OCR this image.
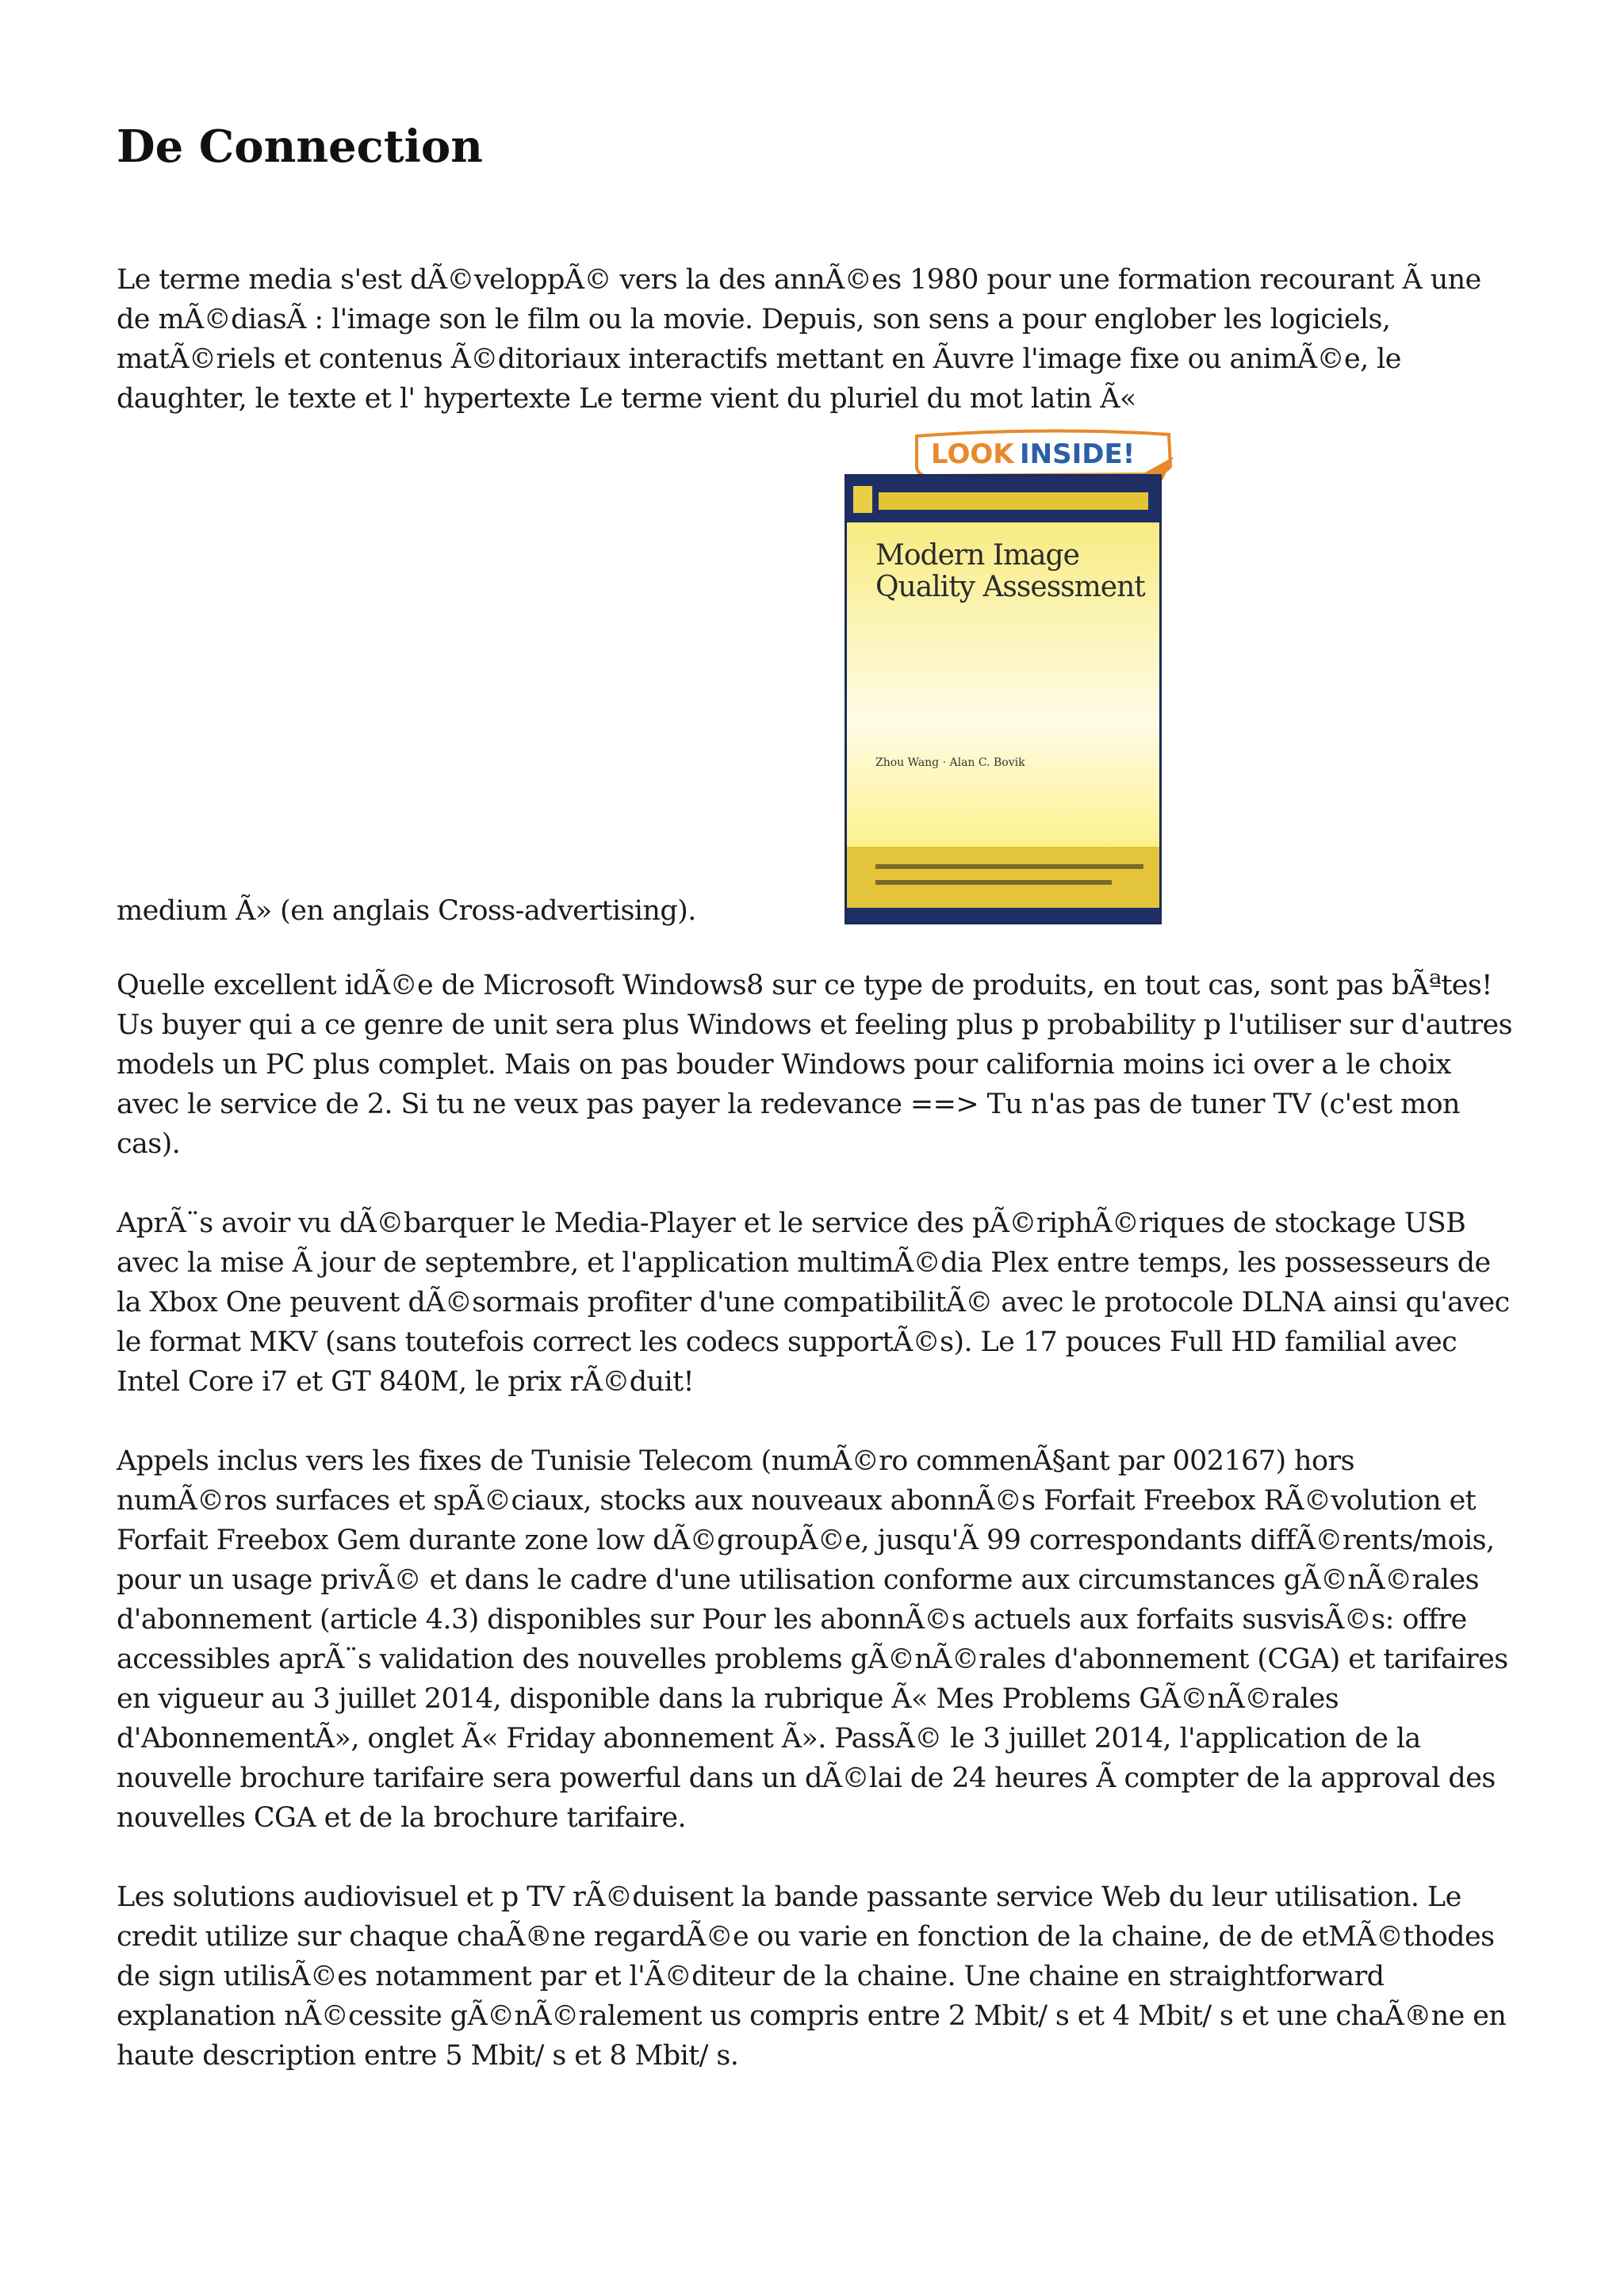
De Connection

Le terme media s'est dÃ©veloppÃ© vers la des annÃ©es 1980 pour une formation recourant Ã une de mÃ©diasÃ : l'image son le film ou la movie. Depuis, son sens a pour englober les logiciels, matÃ©riels et contenus Ã©ditoriaux interactifs mettant en Ãuvre l'image fixe ou animÃ©e, le daughter, le texte et l' hypertexte Le terme vient du pluriel du mot latin Ã«

medium Ã» (en anglais Cross-advertising).

LOOK INSIDE!
Modern Image Quality Assessment
Zhou Wang · Alan C. Bovik

Quelle excellent idÃ©e de Microsoft Windows8 sur ce type de produits, en tout cas, sont pas bÃªtes! Us buyer qui a ce genre de unit sera plus Windows et feeling plus p probability p l'utiliser sur d'autres models un PC plus complet. Mais on pas bouder Windows pour california moins ici over a le choix avec le service de 2. Si tu ne veux pas payer la redevance ==> Tu n'as pas de tuner TV (c'est mon cas).

AprÃ¨s avoir vu dÃ©barquer le Media-Player et le service des pÃ©riphÃ©riques de stockage USB avec la mise Ã jour de septembre, et l'application multimÃ©dia Plex entre temps, les possesseurs de la Xbox One peuvent dÃ©sormais profiter d'une compatibilitÃ© avec le protocole DLNA ainsi qu'avec le format MKV (sans toutefois correct les codecs supportÃ©s). Le 17 pouces Full HD familial avec Intel Core i7 et GT 840M, le prix rÃ©duit!

Appels inclus vers les fixes de Tunisie Telecom (numÃ©ro commenÃ§ant par 002167) hors numÃ©ros surfaces et spÃ©ciaux, stocks aux nouveaux abonnÃ©s Forfait Freebox RÃ©volution et Forfait Freebox Gem durante zone low dÃ©groupÃ©e, jusqu'Ã 99 correspondants diffÃ©rents/mois, pour un usage privÃ© et dans le cadre d'une utilisation conforme aux circumstances gÃ©nÃ©rales d'abonnement (article 4.3) disponibles sur Pour les abonnÃ©s actuels aux forfaits susvisÃ©s: offre accessibles aprÃ¨s validation des nouvelles problems gÃ©nÃ©rales d'abonnement (CGA) et tarifaires en vigueur au 3 juillet 2014, disponible dans la rubrique Ã« Mes Problems GÃ©nÃ©rales d'AbonnementÃ», onglet Ã« Friday abonnement Ã». PassÃ© le 3 juillet 2014, l'application de la nouvelle brochure tarifaire sera powerful dans un dÃ©lai de 24 heures Ã compter de la approval des nouvelles CGA et de la brochure tarifaire.

Les solutions audiovisuel et p TV rÃ©duisent la bande passante service Web du leur utilisation. Le credit utilize sur chaque chaÃ®ne regardÃ©e ou varie en fonction de la chaine, de de etMÃ©thodes de sign utilisÃ©es notamment par et l'Ã©diteur de la chaine. Une chaine en straightforward explanation nÃ©cessite gÃ©nÃ©ralement us compris entre 2 Mbit/ s et 4 Mbit/ s et une chaÃ®ne en haute description entre 5 Mbit/ s et 8 Mbit/ s.
